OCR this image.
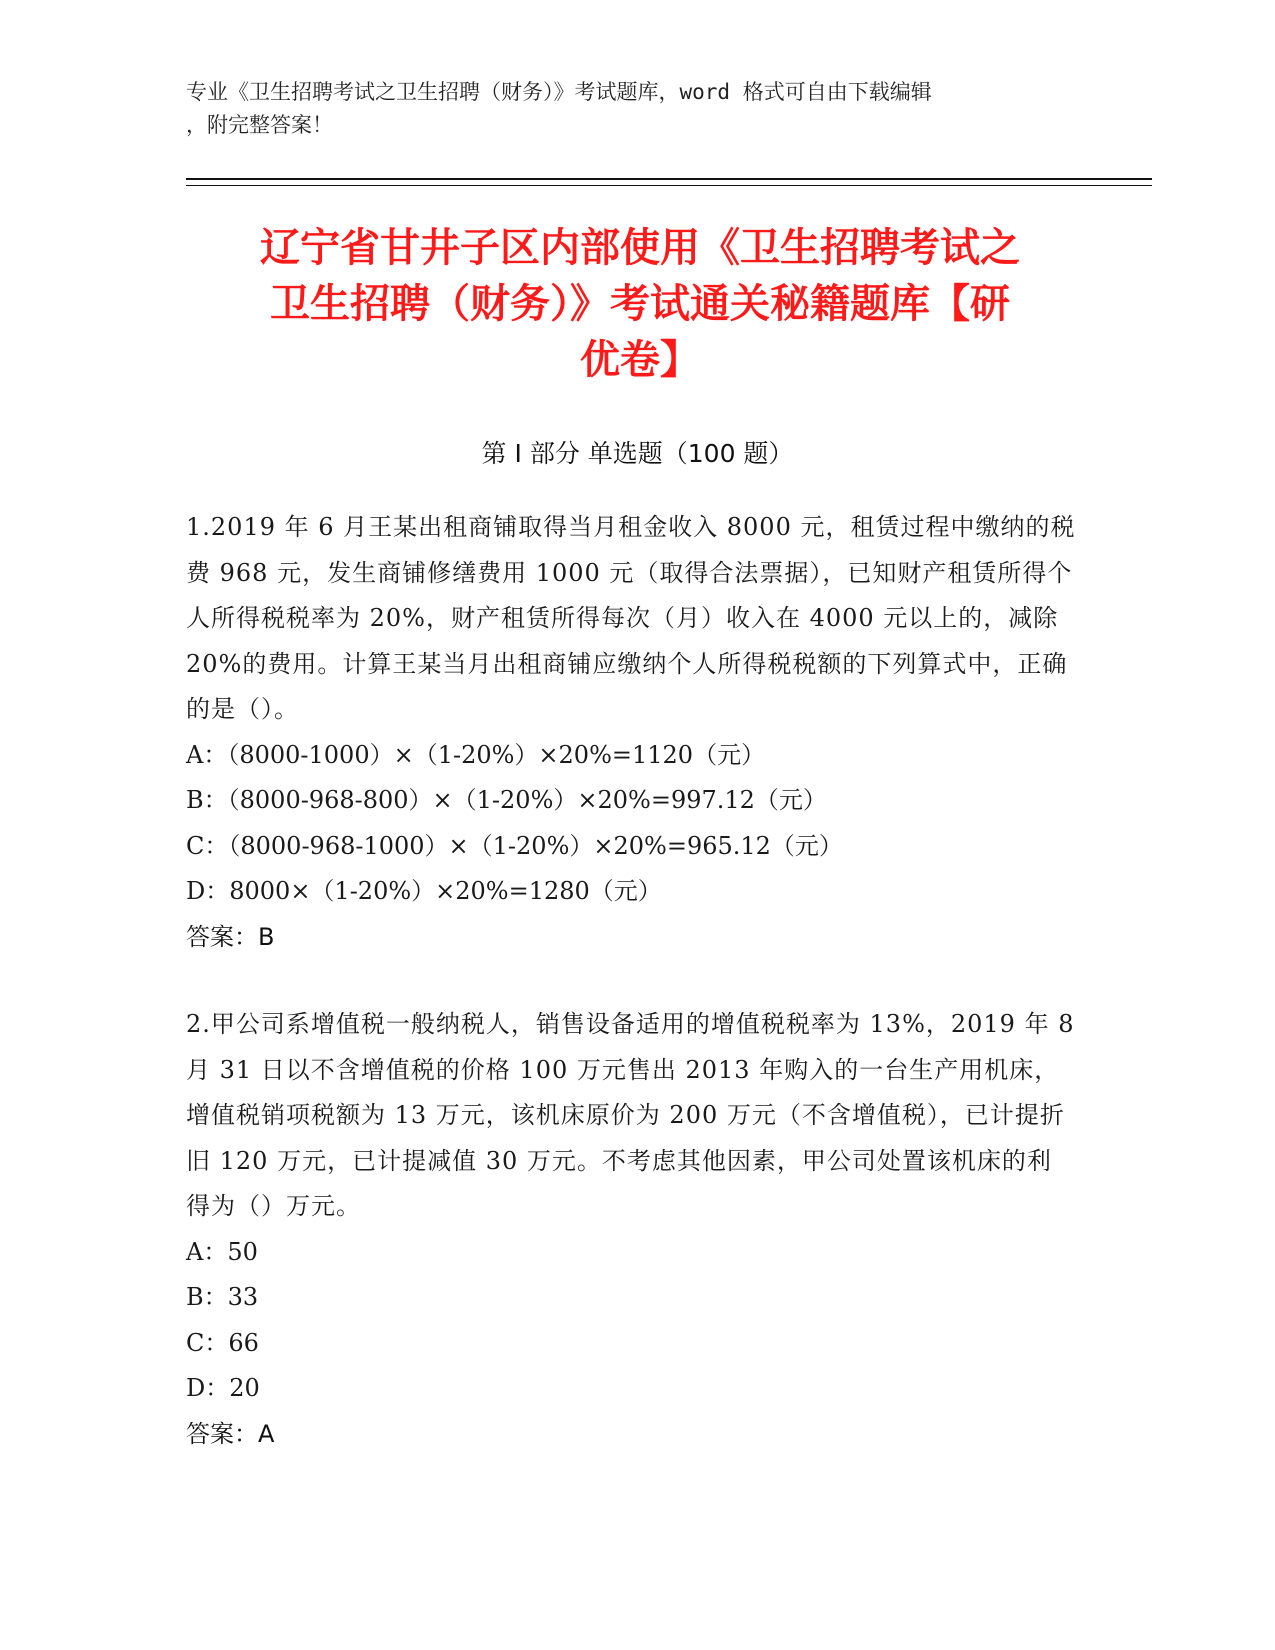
专业《卫生招聘考试之卫生招聘（财务）》考试题库，word 格式可自由下载编辑
，附完整答案！
辽宁省甘井子区内部使用《卫生招聘考试之
卫生招聘（财务）》考试通关秘籍题库【研
优卷】
第 I 部分 单选题（100 题）

1.2019 年 6 月王某出租商铺取得当月租金收入 8000 元，租赁过程中缴纳的税费 968 元，发生商铺修缮费用 1000 元（取得合法票据），已知财产租赁所得个人所得税税率为 20%，财产租赁所得每次（月）收入在 4000 元以上的，减除 20%的费用。计算王某当月出租商铺应缴纳个人所得税税额的下列算式中，正确的是（）。

A：（8000-1000）×（1-20%）×20%=1120（元）

B：（8000-968-800）×（1-20%）×20%=997.12（元）

C：（8000-968-1000）×（1-20%）×20%=965.12（元）

D：8000×（1-20%）×20%=1280（元）

答案：B

2.甲公司系增值税一般纳税人，销售设备适用的增值税税率为 13%，2019 年 8 月 31 日以不含增值税的价格 100 万元售出 2013 年购入的一台生产用机床，增值税销项税额为 13 万元，该机床原价为 200 万元（不含增值税），已计提折旧 120 万元，已计提减值 30 万元。不考虑其他因素，甲公司处置该机床的利得为（）万元。

A：50

B：33

C：66

D：20

答案：A
